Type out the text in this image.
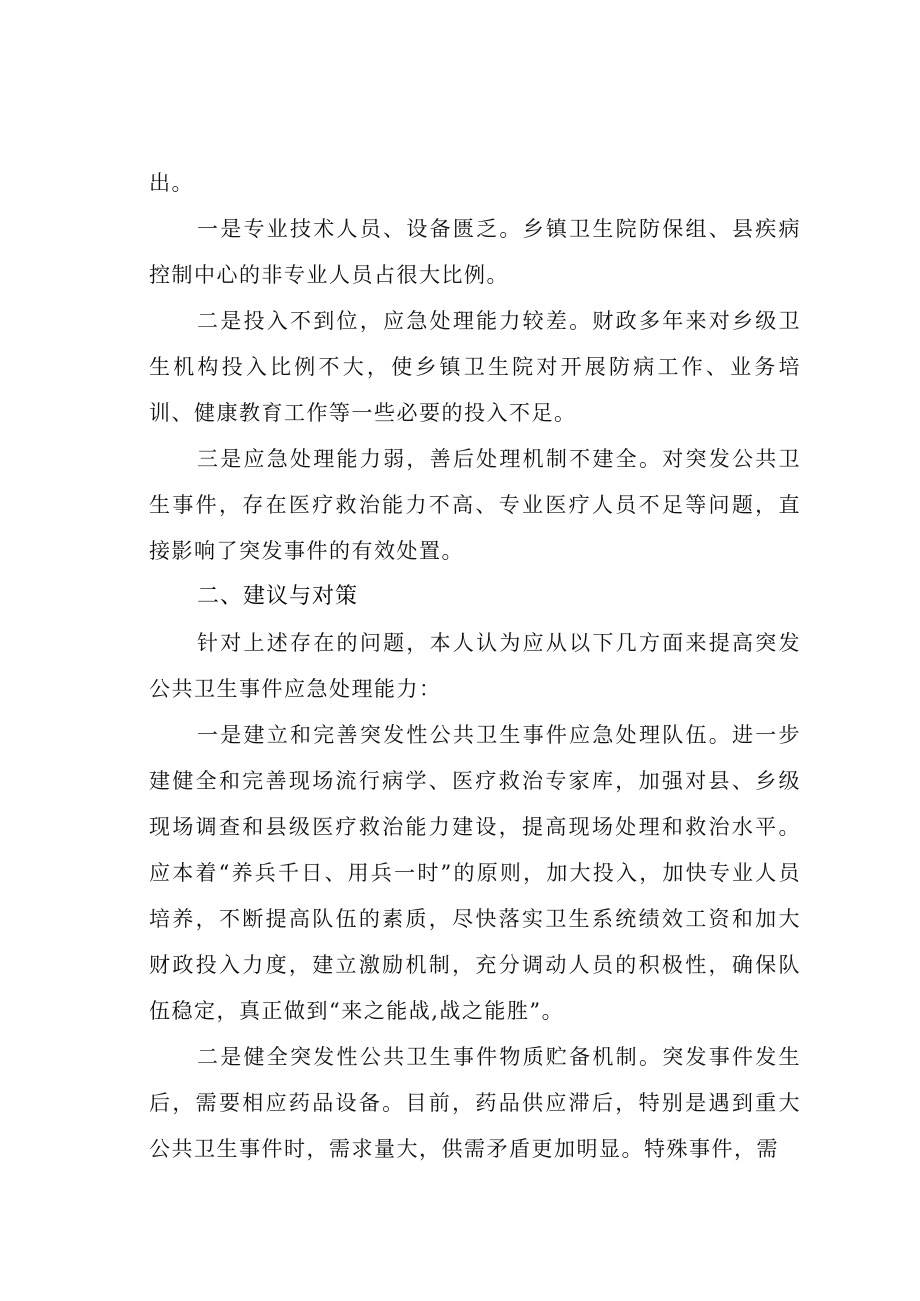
出。

一是专业技术人员、设备匮乏。乡镇卫生院防保组、县疾病控制中心的非专业人员占很大比例。

二是投入不到位，应急处理能力较差。财政多年来对乡级卫生机构投入比例不大，使乡镇卫生院对开展防病工作、业务培训、健康教育工作等一些必要的投入不足。

三是应急处理能力弱，善后处理机制不建全。对突发公共卫生事件，存在医疗救治能力不高、专业医疗人员不足等问题，直接影响了突发事件的有效处置。

二、建议与对策

针对上述存在的问题，本人认为应从以下几方面来提高突发公共卫生事件应急处理能力：

一是建立和完善突发性公共卫生事件应急处理队伍。进一步建健全和完善现场流行病学、医疗救治专家库，加强对县、乡级现场调查和县级医疗救治能力建设，提高现场处理和救治水平。应本着“养兵千日、用兵一时”的原则，加大投入，加快专业人员培养，不断提高队伍的素质，尽快落实卫生系统绩效工资和加大财政投入力度，建立激励机制，充分调动人员的积极性，确保队伍稳定，真正做到“来之能战,战之能胜”。

二是健全突发性公共卫生事件物质贮备机制。突发事件发生后，需要相应药品设备。目前，药品供应滞后，特别是遇到重大公共卫生事件时，需求量大，供需矛盾更加明显。特殊事件，需
